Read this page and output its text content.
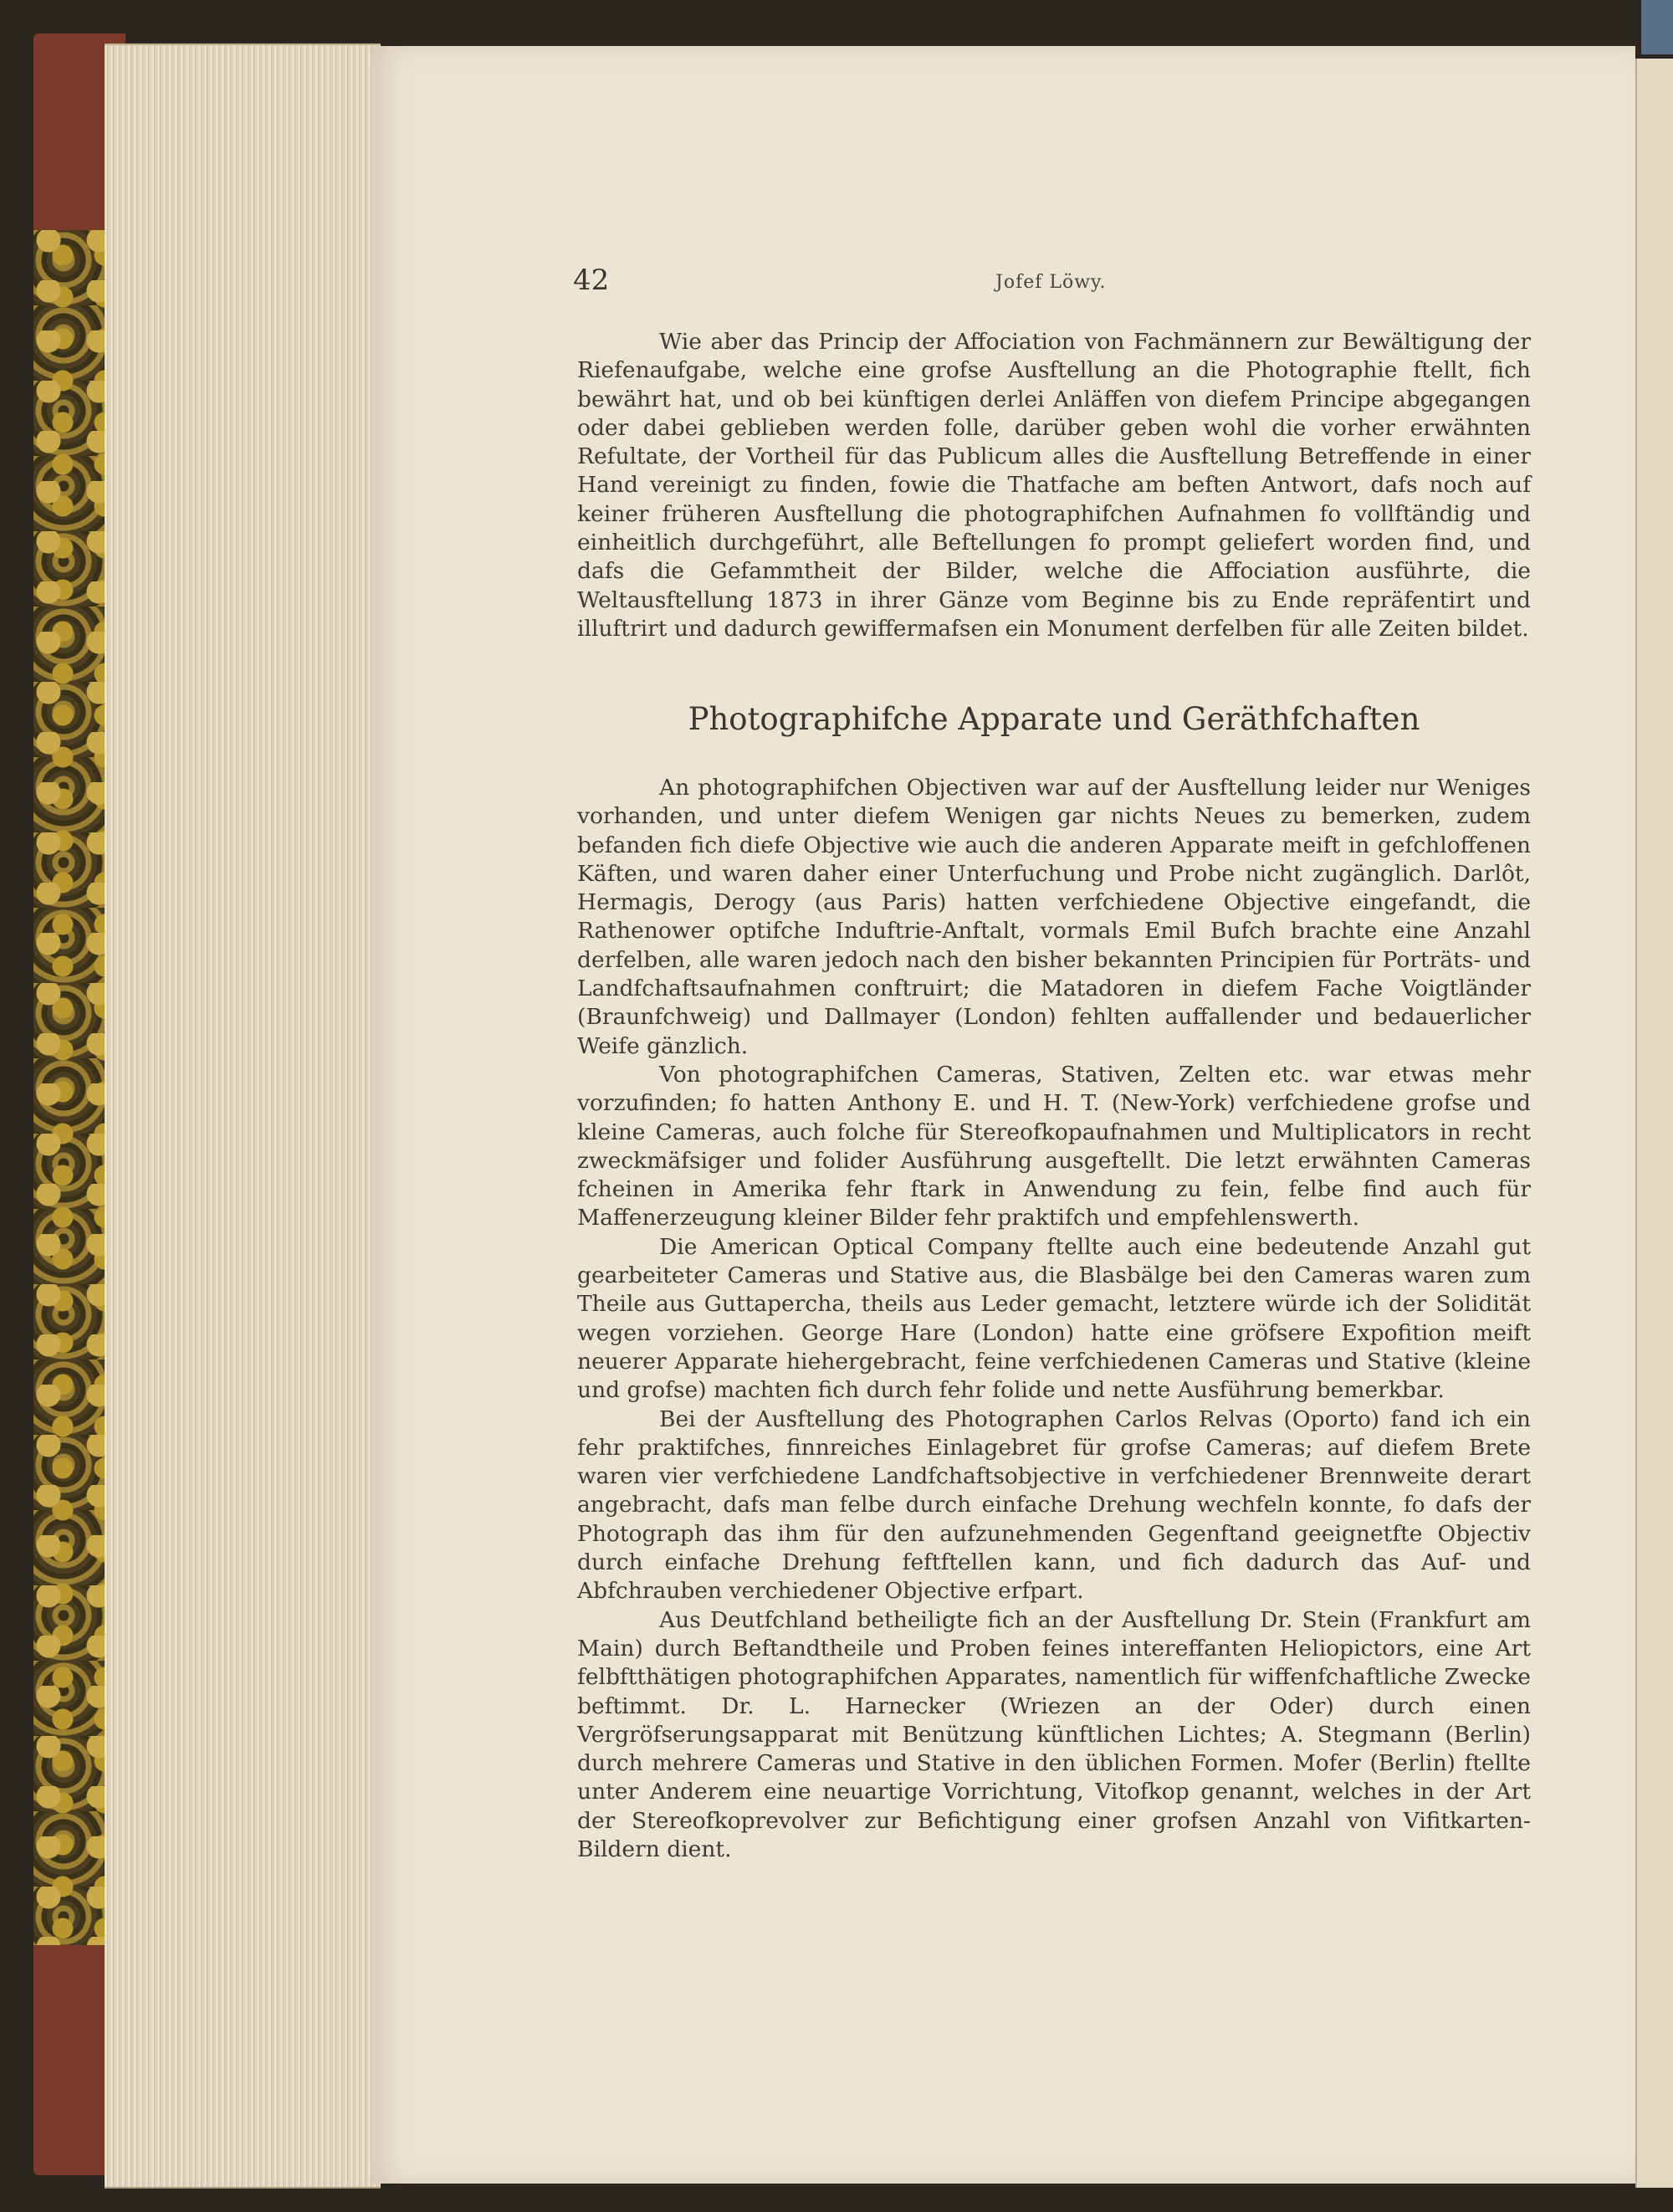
42	Jofef Löwy.

Wie aber das Princip der Affociation von Fachmännern zur Bewältigung der Riefenaufgabe, welche eine grofse Ausftellung an die Photographie ftellt, fich bewährt hat, und ob bei künftigen derlei Anläffen von diefem Principe abgegangen oder dabei geblieben werden folle, darüber geben wohl die vorher erwähnten Refultate, der Vortheil für das Publicum alles die Ausftellung Betreffende in einer Hand vereinigt zu finden, fowie die Thatfache am beften Antwort, dafs noch auf keiner früheren Ausftellung die photographifchen Aufnahmen fo vollftändig und einheitlich durchgeführt, alle Beftellungen fo prompt geliefert worden find, und dafs die Gefammtheit der Bilder, welche die Affociation ausführte, die Weltausftellung 1873 in ihrer Gänze vom Beginne bis zu Ende repräfentirt und illuftrirt und dadurch gewiffermafsen ein Monument derfelben für alle Zeiten bildet.

Photographifche Apparate und Geräthfchaften

An photographifchen Objectiven war auf der Ausftellung leider nur Weniges vorhanden, und unter diefem Wenigen gar nichts Neues zu bemerken, zudem befanden fich diefe Objective wie auch die anderen Apparate meift in gefchloffenen Käften, und waren daher einer Unterfuchung und Probe nicht zugänglich. Darlôt, Hermagis, Derogy (aus Paris) hatten verfchiedene Objective eingefandt, die Rathenower optifche Induftrie-Anftalt, vormals Emil Bufch brachte eine Anzahl derfelben, alle waren jedoch nach den bisher bekannten Principien für Porträts- und Landfchaftsaufnahmen conftruirt; die Matadoren in diefem Fache Voigtländer (Braunfchweig) und Dallmayer (London) fehlten auffallender und bedauerlicher Weife gänzlich.

Von photographifchen Cameras, Stativen, Zelten etc. war etwas mehr vorzufinden; fo hatten Anthony E. und H. T. (New-York) verfchiedene grofse und kleine Cameras, auch folche für Stereofkopaufnahmen und Multiplicators in recht zweckmäfsiger und folider Ausführung ausgeftellt. Die letzt erwähnten Cameras fcheinen in Amerika fehr ftark in Anwendung zu fein, felbe find auch für Maffenerzeugung kleiner Bilder fehr praktifch und empfehlenswerth.

Die American Optical Company ftellte auch eine bedeutende Anzahl gut gearbeiteter Cameras und Stative aus, die Blasbälge bei den Cameras waren zum Theile aus Guttapercha, theils aus Leder gemacht, letztere würde ich der Solidität wegen vorziehen. George Hare (London) hatte eine gröfsere Expofition meift neuerer Apparate hiehergebracht, feine verfchiedenen Cameras und Stative (kleine und grofse) machten fich durch fehr folide und nette Ausführung bemerkbar.

Bei der Ausftellung des Photographen Carlos Relvas (Oporto) fand ich ein fehr praktifches, finnreiches Einlagebret für grofse Cameras; auf diefem Brete waren vier verfchiedene Landfchaftsobjective in verfchiedener Brennweite derart angebracht, dafs man felbe durch einfache Drehung wechfeln konnte, fo dafs der Photograph das ihm für den aufzunehmenden Gegenftand geeignetfte Objectiv durch einfache Drehung feftftellen kann, und fich dadurch das Auf- und Abfchrauben verchiedener Objective erfpart.

Aus Deutfchland betheiligte fich an der Ausftellung Dr. Stein (Frankfurt am Main) durch Beftandtheile und Proben feines intereffanten Heliopictors, eine Art felbftthätigen photographifchen Apparates, namentlich für wiffenfchaftliche Zwecke beftimmt. Dr. L. Harnecker (Wriezen an der Oder) durch einen Vergröfserungsapparat mit Benützung künftlichen Lichtes; A. Stegmann (Berlin) durch mehrere Cameras und Stative in den üblichen Formen. Mofer (Berlin) ftellte unter Anderem eine neuartige Vorrichtung, Vitofkop genannt, welches in der Art der Stereofkoprevolver zur Befichtigung einer grofsen Anzahl von Vifitkarten-Bildern dient.
